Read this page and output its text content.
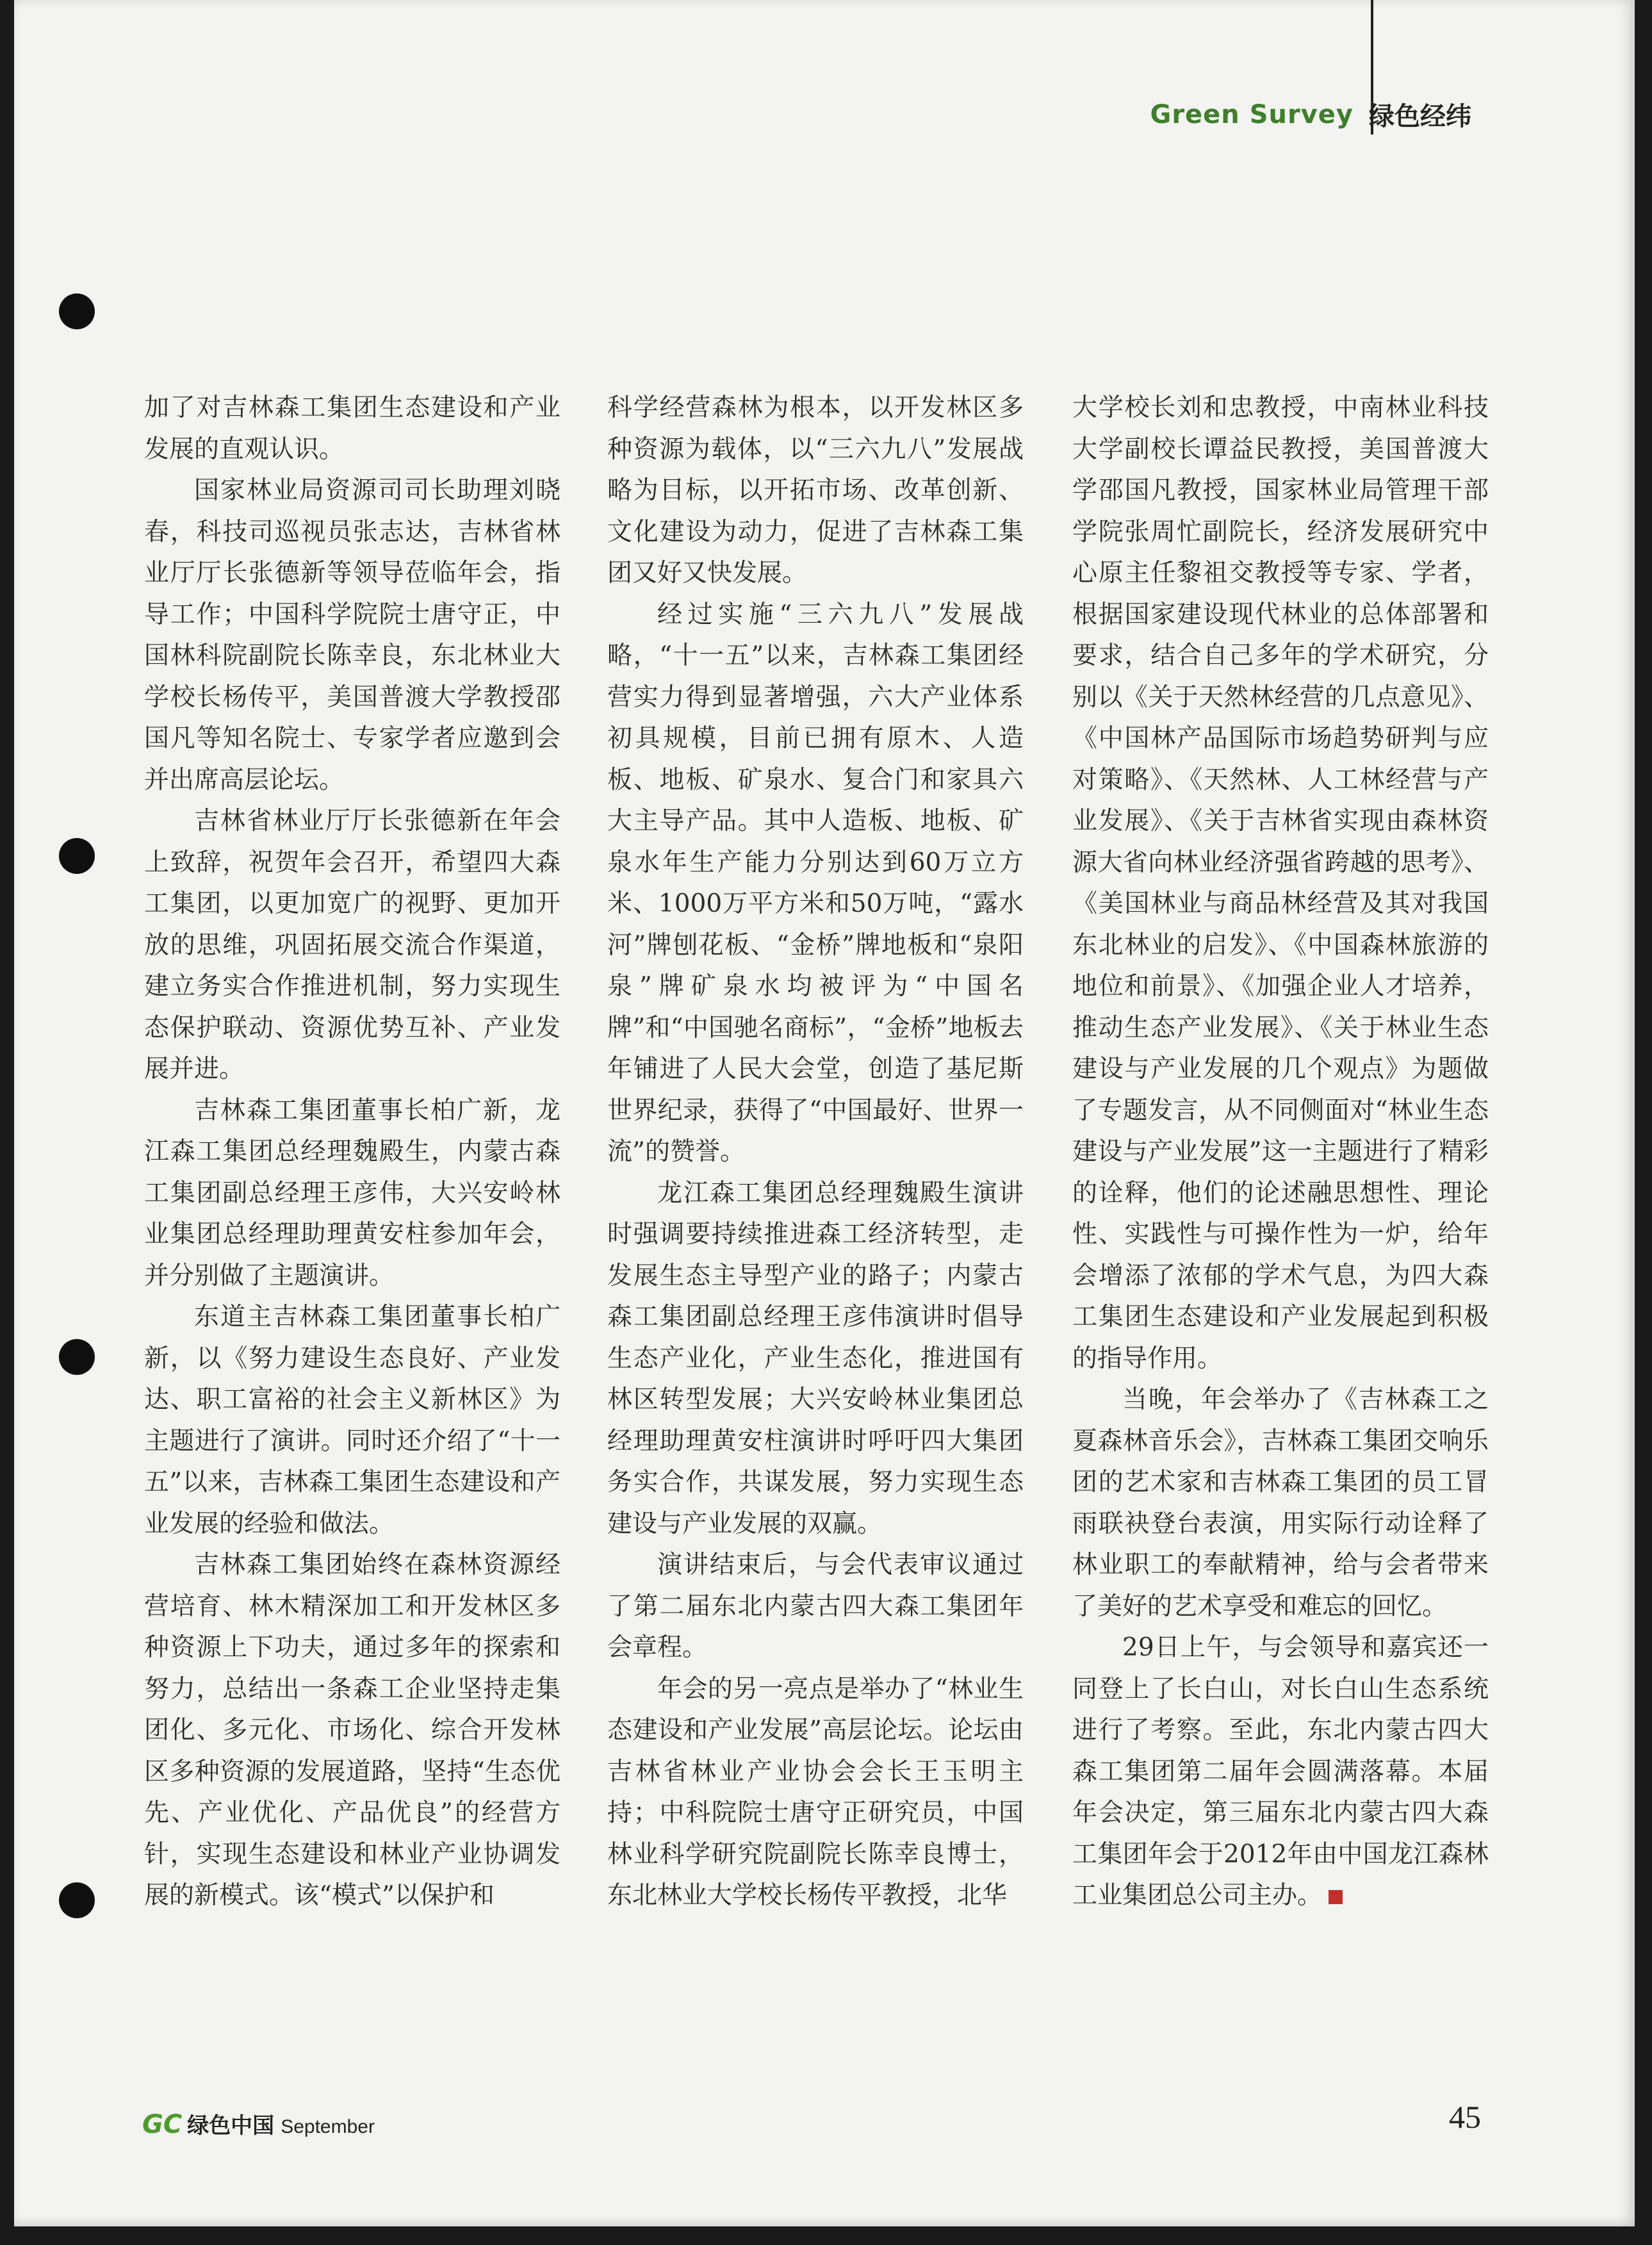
Green Survey 绿色经纬

加了对吉林森工集团生态建设和产业发展的直观认识。

国家林业局资源司司长助理刘晓春，科技司巡视员张志达，吉林省林业厅厅长张德新等领导莅临年会，指导工作；中国科学院院士唐守正，中国林科院副院长陈幸良，东北林业大学校长杨传平，美国普渡大学教授邵国凡等知名院士、专家学者应邀到会并出席高层论坛。

吉林省林业厅厅长张德新在年会上致辞，祝贺年会召开，希望四大森工集团，以更加宽广的视野、更加开放的思维，巩固拓展交流合作渠道，建立务实合作推进机制，努力实现生态保护联动、资源优势互补、产业发展并进。

吉林森工集团董事长柏广新，龙江森工集团总经理魏殿生，内蒙古森工集团副总经理王彦伟，大兴安岭林业集团总经理助理黄安柱参加年会，并分别做了主题演讲。

东道主吉林森工集团董事长柏广新，以《努力建设生态良好、产业发达、职工富裕的社会主义新林区》为主题进行了演讲。同时还介绍了“十一五”以来，吉林森工集团生态建设和产业发展的经验和做法。

吉林森工集团始终在森林资源经营培育、林木精深加工和开发林区多种资源上下功夫，通过多年的探索和努力，总结出一条森工企业坚持走集团化、多元化、市场化、综合开发林区多种资源的发展道路，坚持“生态优先、产业优化、产品优良”的经营方针，实现生态建设和林业产业协调发展的新模式。该“模式”以保护和

科学经营森林为根本，以开发林区多种资源为载体，以“三六九八”发展战略为目标，以开拓市场、改革创新、文化建设为动力，促进了吉林森工集团又好又快发展。

经过实施“三六九八”发展战略，“十一五”以来，吉林森工集团经营实力得到显著增强，六大产业体系初具规模，目前已拥有原木、人造板、地板、矿泉水、复合门和家具六大主导产品。其中人造板、地板、矿泉水年生产能力分别达到60万立方米、1000万平方米和50万吨，“露水河”牌刨花板、“金桥”牌地板和“泉阳泉”牌矿泉水均被评为“中国名牌”和“中国驰名商标”，“金桥”地板去年铺进了人民大会堂，创造了基尼斯世界纪录，获得了“中国最好、世界一流”的赞誉。

龙江森工集团总经理魏殿生演讲时强调要持续推进森工经济转型，走发展生态主导型产业的路子；内蒙古森工集团副总经理王彦伟演讲时倡导生态产业化，产业生态化，推进国有林区转型发展；大兴安岭林业集团总经理助理黄安柱演讲时呼吁四大集团务实合作，共谋发展，努力实现生态建设与产业发展的双赢。

演讲结束后，与会代表审议通过了第二届东北内蒙古四大森工集团年会章程。

年会的另一亮点是举办了“林业生态建设和产业发展”高层论坛。论坛由吉林省林业产业协会会长王玉明主持；中科院院士唐守正研究员，中国林业科学研究院副院长陈幸良博士，东北林业大学校长杨传平教授，北华

大学校长刘和忠教授，中南林业科技大学副校长谭益民教授，美国普渡大学邵国凡教授，国家林业局管理干部学院张周忙副院长，经济发展研究中心原主任黎祖交教授等专家、学者，根据国家建设现代林业的总体部署和要求，结合自己多年的学术研究，分别以《关于天然林经营的几点意见》、《中国林产品国际市场趋势研判与应对策略》、《天然林、人工林经营与产业发展》、《关于吉林省实现由森林资源大省向林业经济强省跨越的思考》、《美国林业与商品林经营及其对我国东北林业的启发》、《中国森林旅游的地位和前景》、《加强企业人才培养，推动生态产业发展》、《关于林业生态建设与产业发展的几个观点》为题做了专题发言，从不同侧面对“林业生态建设与产业发展”这一主题进行了精彩的诠释，他们的论述融思想性、理论性、实践性与可操作性为一炉，给年会增添了浓郁的学术气息，为四大森工集团生态建设和产业发展起到积极的指导作用。

当晚，年会举办了《吉林森工之夏森林音乐会》，吉林森工集团交响乐团的艺术家和吉林森工集团的员工冒雨联袂登台表演，用实际行动诠释了林业职工的奉献精神，给与会者带来了美好的艺术享受和难忘的回忆。

29日上午，与会领导和嘉宾还一同登上了长白山，对长白山生态系统进行了考察。至此，东北内蒙古四大森工集团第二届年会圆满落幕。本届年会决定，第三届东北内蒙古四大森工集团年会于2012年由中国龙江森林工业集团总公司主办。

GC 绿色中国 September	45
